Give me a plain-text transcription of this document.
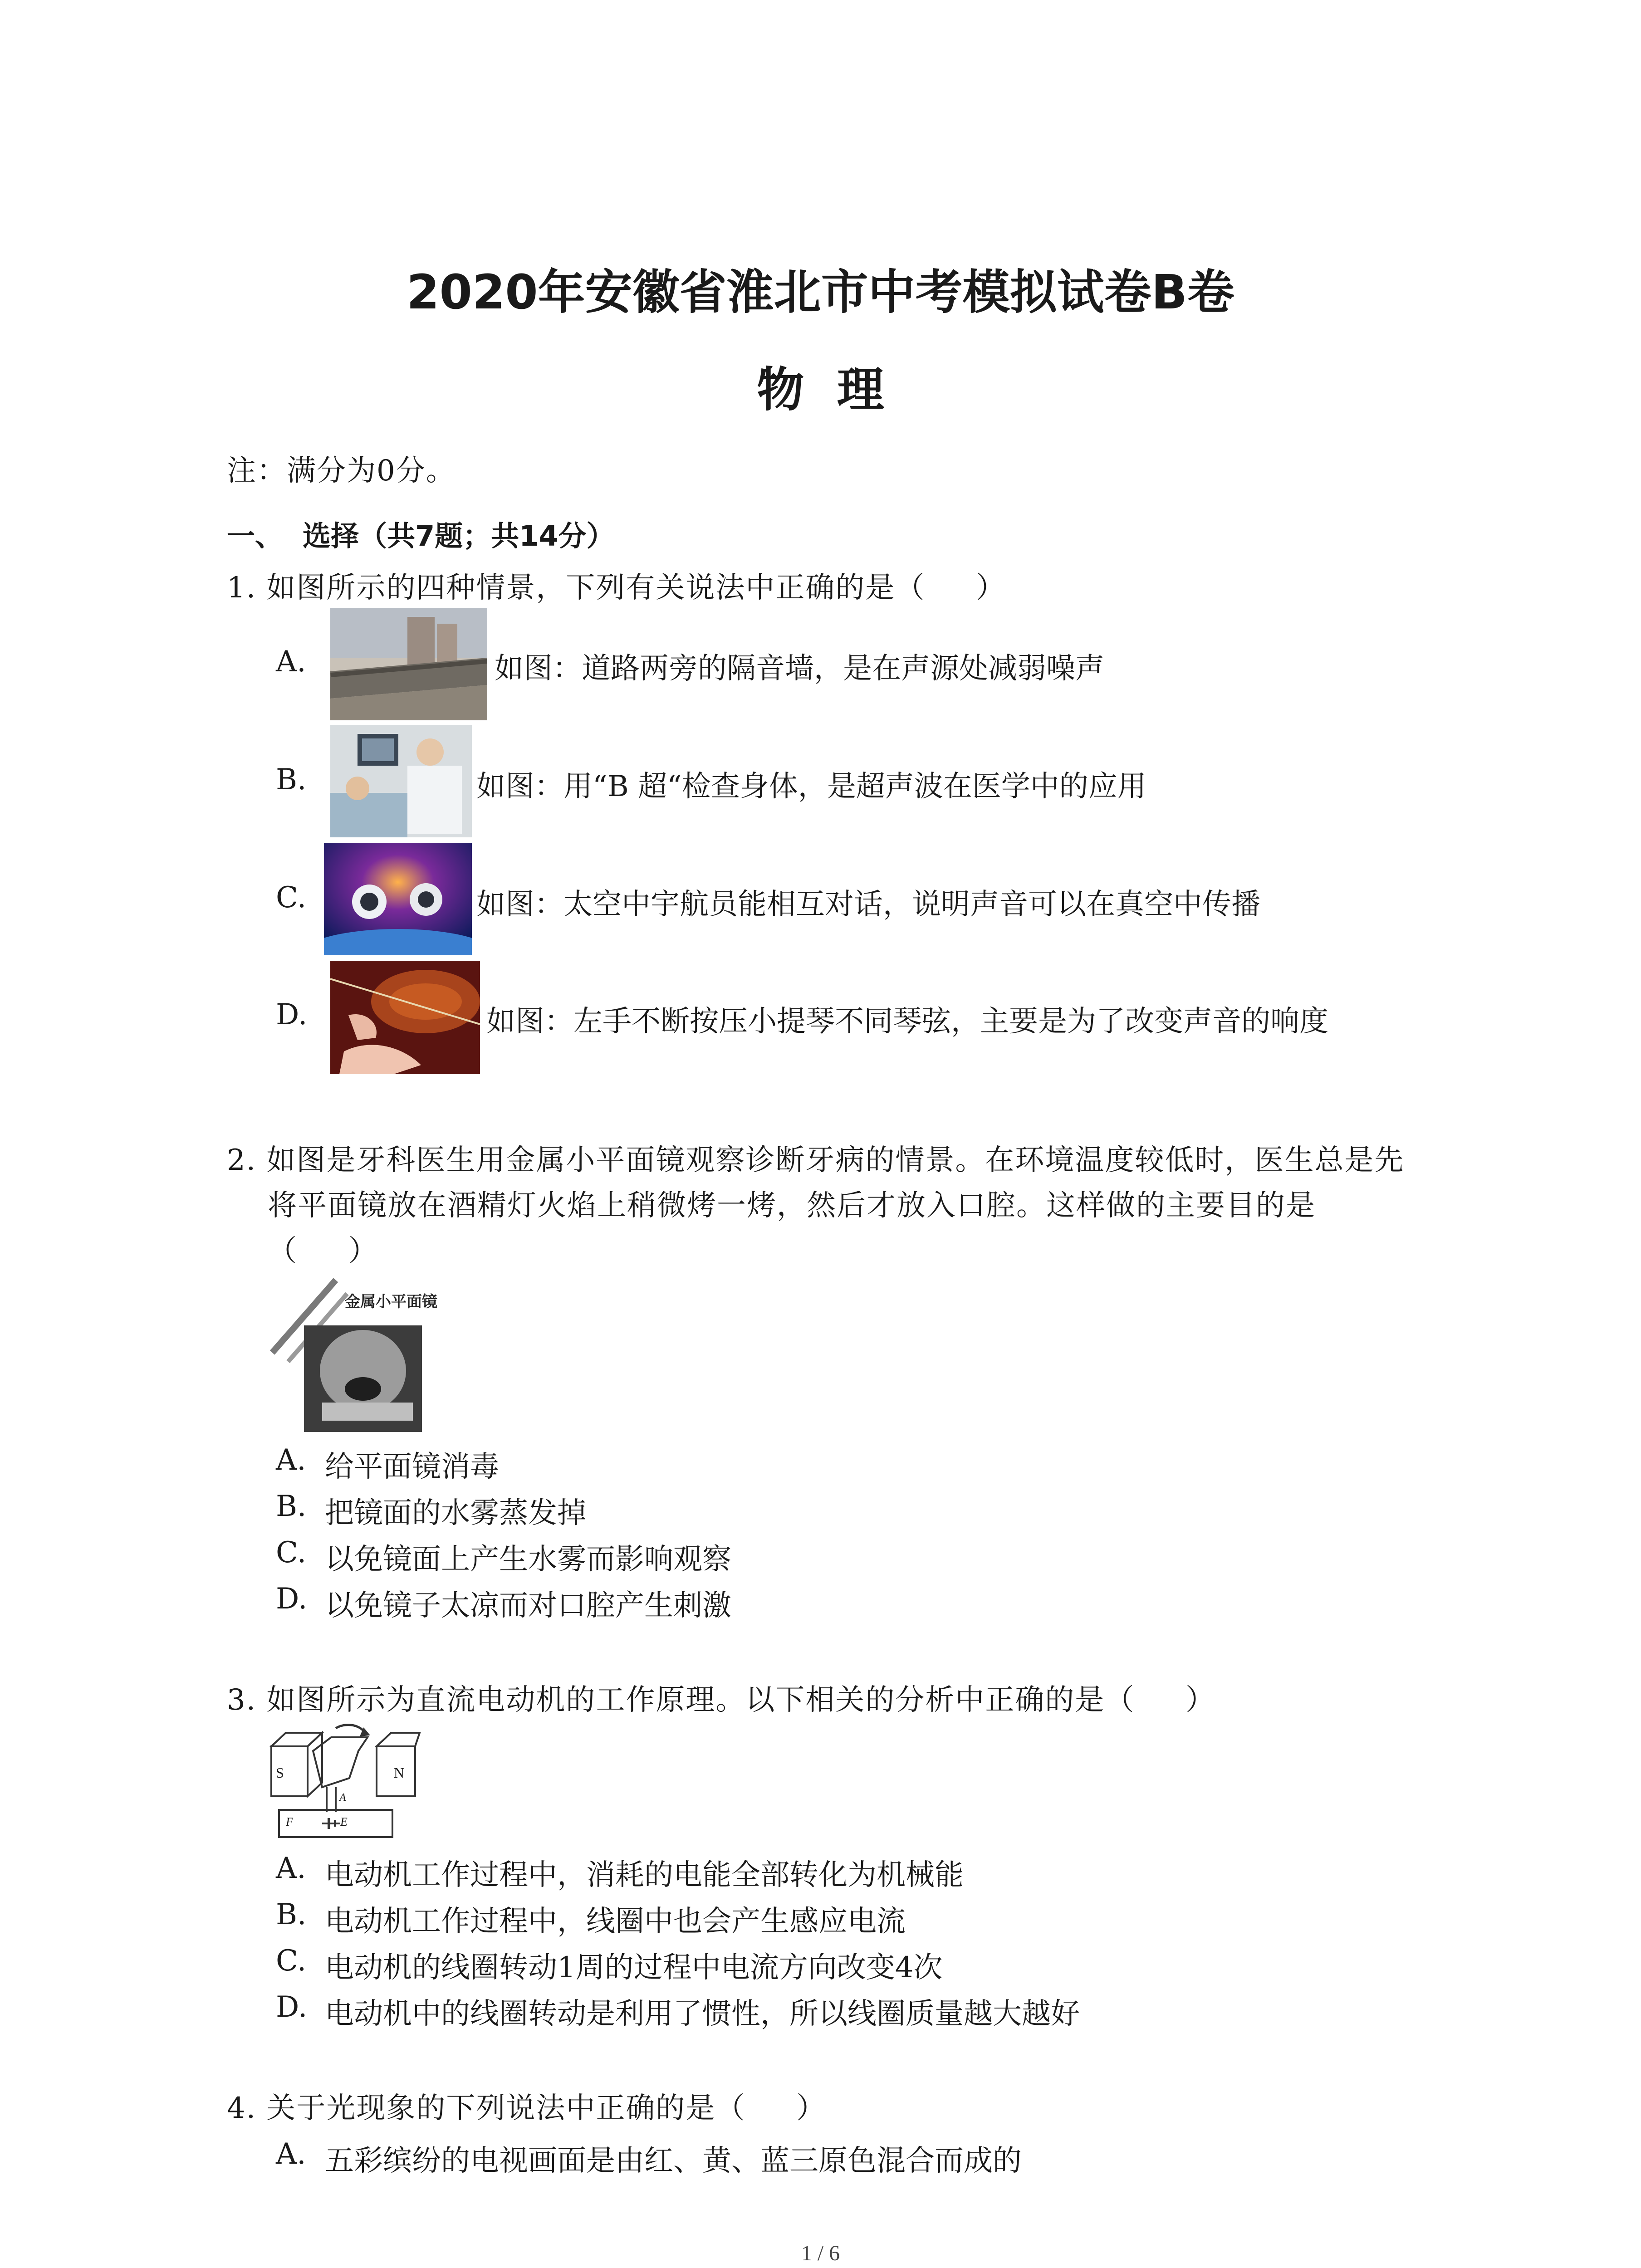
2020年安徽省淮北市中考模拟试卷B卷
物  理
注：满分为0分。
一、  选择（共7题；共14分）
1. 如图所示的四种情景，下列有关说法中正确的是（     ）
A.	如图：道路两旁的隔音墙，是在声源处减弱噪声
B.	如图：用“B 超“检查身体，是超声波在医学中的应用
C.	如图：太空中宇航员能相互对话，说明声音可以在真空中传播
D.	如图：左手不断按压小提琴不同琴弦，主要是为了改变声音的响度
2. 如图是牙科医生用金属小平面镜观察诊断牙病的情景。在环境温度较低时，医生总是先
将平面镜放在酒精灯火焰上稍微烤一烤，然后才放入口腔。这样做的主要目的是
（     ）
金属小平面镜
A. 给平面镜消毒
B. 把镜面的水雾蒸发掉
C. 以免镜面上产生水雾而影响观察
D. 以免镜子太凉而对口腔产生刺激
3. 如图所示为直流电动机的工作原理。以下相关的分析中正确的是（     ）
S	N
F	E
A
A. 电动机工作过程中，消耗的电能全部转化为机械能
B. 电动机工作过程中，线圈中也会产生感应电流
C. 电动机的线圈转动1周的过程中电流方向改变4次
D. 电动机中的线圈转动是利用了惯性，所以线圈质量越大越好
4. 关于光现象的下列说法中正确的是（     ）
A. 五彩缤纷的电视画面是由红、黄、蓝三原色混合而成的
1 / 6
